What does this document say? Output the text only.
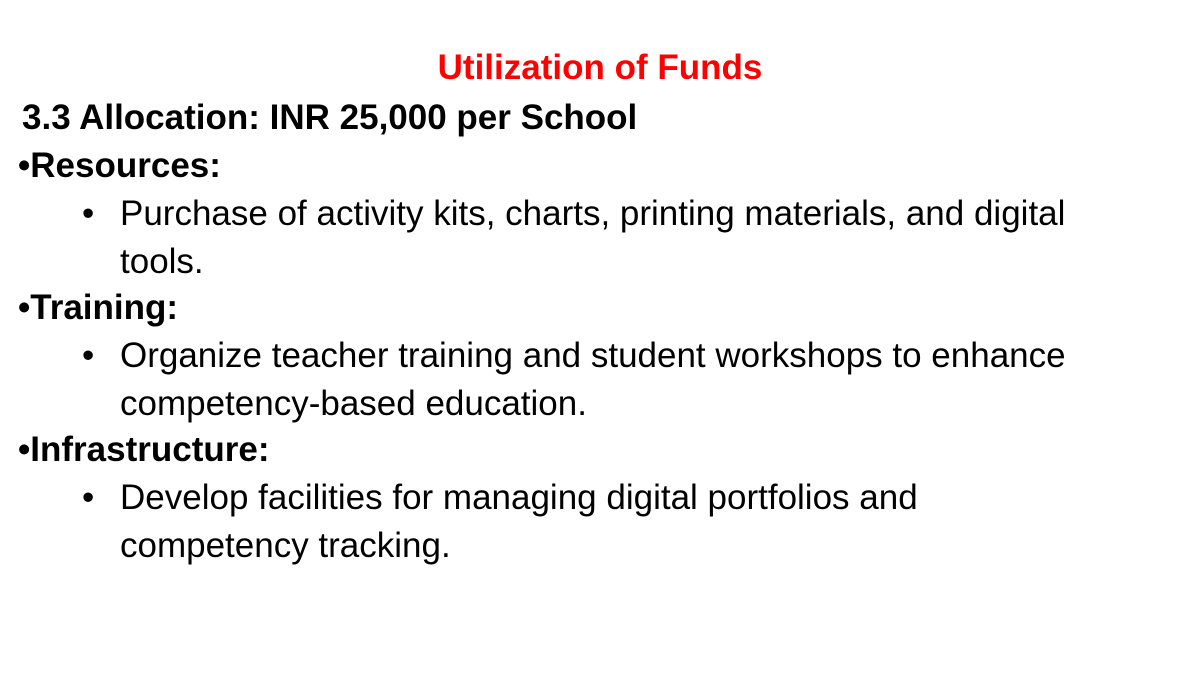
Utilization of Funds
3.3 Allocation: INR 25,000 per School
•Resources:
• Purchase of activity kits, charts, printing materials, and digital tools.
•Training:
• Organize teacher training and student workshops to enhance competency-based education.
•Infrastructure:
• Develop facilities for managing digital portfolios and competency tracking.
